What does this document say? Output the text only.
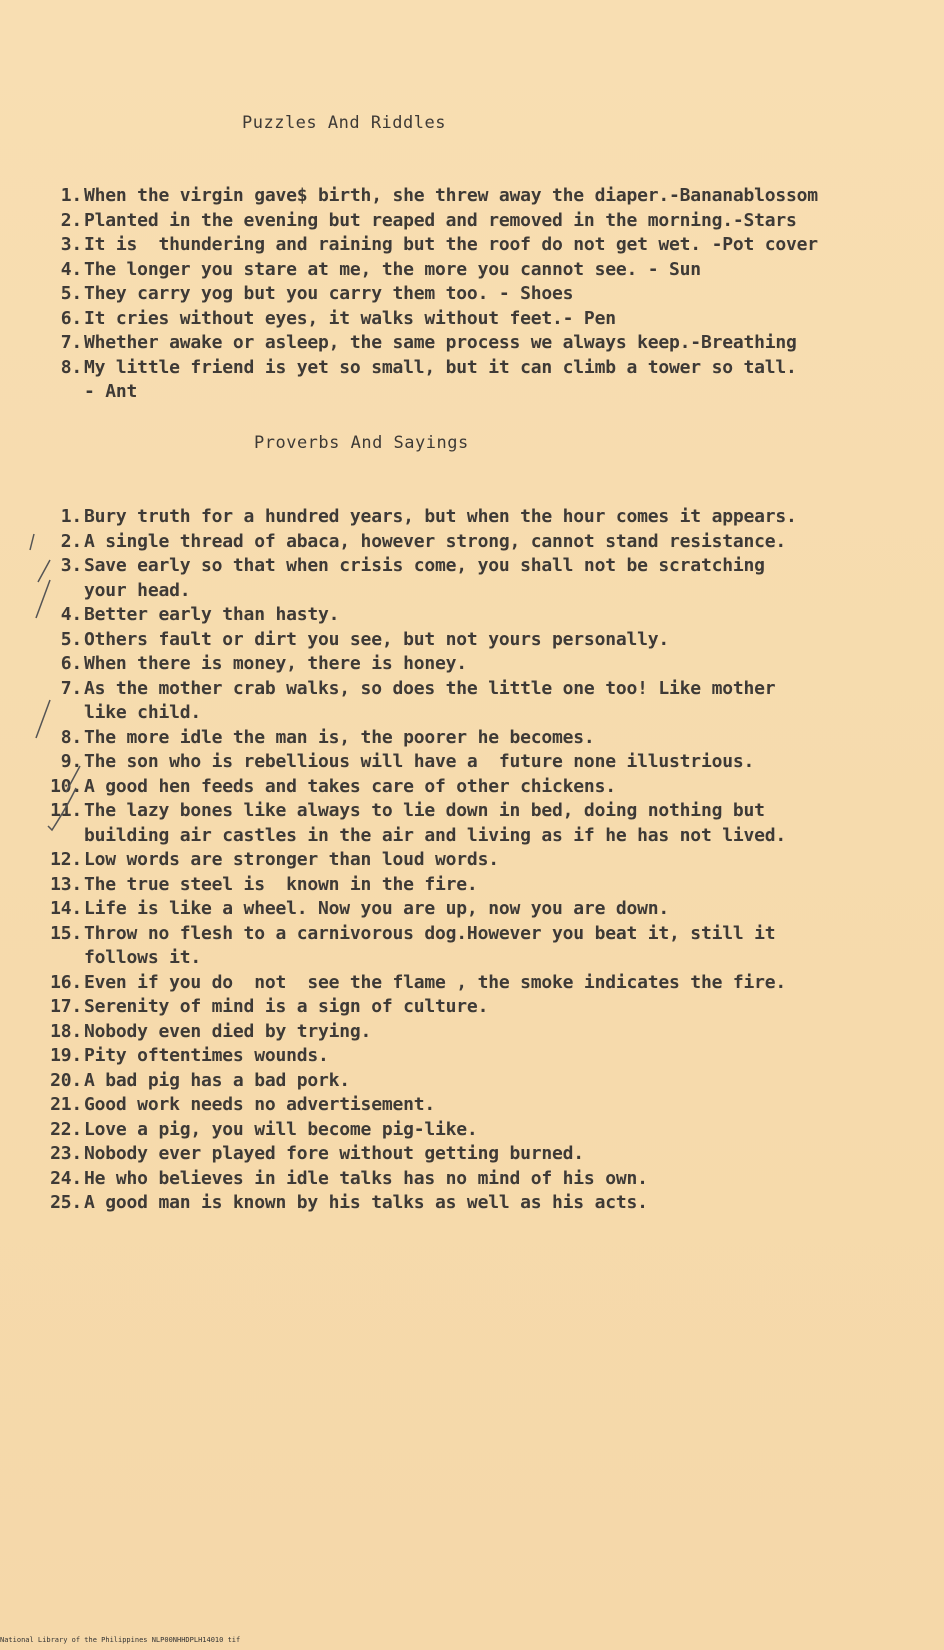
Puzzles And Riddles
1. When the virgin gave$ birth, she threw away the diaper.-Bananablossom
2. Planted in the evening but reaped and removed in the morning.-Stars
3. It is  thundering and raining but the roof do not get wet. -Pot cover
4. The longer you stare at me, the more you cannot see. - Sun
5. They carry yog but you carry them too. - Shoes
6. It cries without eyes, it walks without feet.- Pen
7. Whether awake or asleep, the same process we always keep.-Breathing
8. My little friend is yet so small, but it can climb a tower so tall.
- Ant
Proverbs And Sayings
1. Bury truth for a hundred years, but when the hour comes it appears.
2. A single thread of abaca, however strong, cannot stand resistance.
3. Save early so that when crisis come, you shall not be scratching
your head.
4. Better early than hasty.
5. Others fault or dirt you see, but not yours personally.
6. When there is money, there is honey.
7. As the mother crab walks, so does the little one too! Like mother
like child.
8. The more idle the man is, the poorer he becomes.
9. The son who is rebellious will have a  future none illustrious.
10. A good hen feeds and takes care of other chickens.
11. The lazy bones like always to lie down in bed, doing nothing but
building air castles in the air and living as if he has not lived.
12. Low words are stronger than loud words.
13. The true steel is  known in the fire.
14. Life is like a wheel. Now you are up, now you are down.
15. Throw no flesh to a carnivorous dog.However you beat it, still it
follows it.
16. Even if you do  not  see the flame , the smoke indicates the fire.
17. Serenity of mind is a sign of culture.
18. Nobody even died by trying.
19. Pity oftentimes wounds.
20. A bad pig has a bad pork.
21. Good work needs no advertisement.
22. Love a pig, you will become pig-like.
23. Nobody ever played fore without getting burned.
24. He who believes in idle talks has no mind of his own.
25. A good man is known by his talks as well as his acts.
National Library of the Philippines NLP00NHHDPLH14010 tif
